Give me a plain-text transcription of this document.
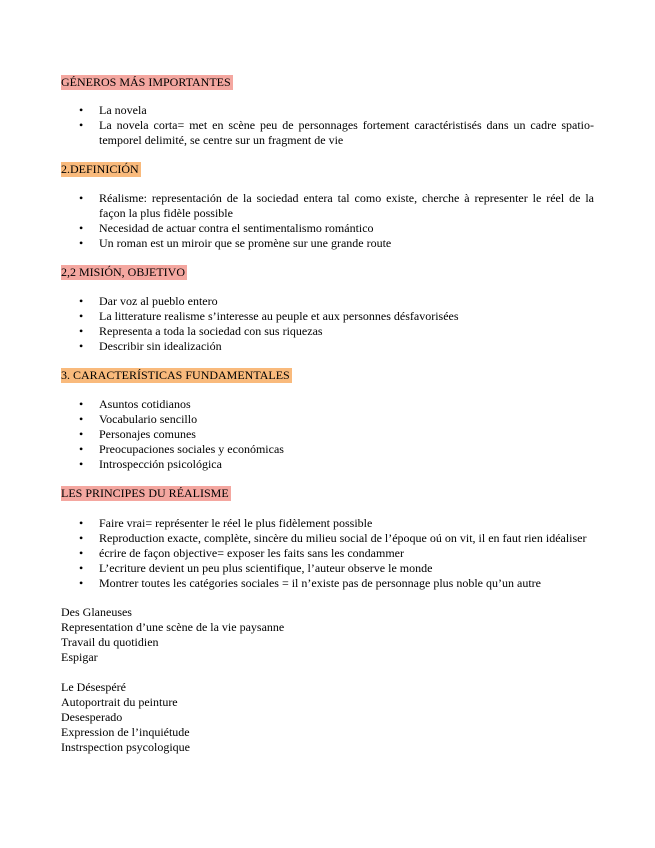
GÉNEROS MÁS IMPORTANTES
• La novela
• La novela corta= met en scène peu de personnages fortement caractéristisés dans un cadre spatio-temporel delimité, se centre sur un fragment de vie
2.DEFINICIÓN
• Réalisme: representación de la sociedad entera tal como existe, cherche à representer le réel de la façon la plus fidèle possible
• Necesidad de actuar contra el sentimentalismo romántico
• Un roman est un miroir que se promène sur une grande route
2,2 MISIÓN, OBJETIVO
• Dar voz al pueblo entero
• La litterature realisme s’interesse au peuple et aux personnes désfavorisées
• Representa a toda la sociedad con sus riquezas
• Describir sin idealización
3. CARACTERÍSTICAS FUNDAMENTALES
• Asuntos cotidianos
• Vocabulario sencillo
• Personajes comunes
• Preocupaciones sociales y económicas
• Introspección psicológica
LES PRINCIPES DU RÉALISME
• Faire vrai= représenter le réel le plus fidèlement possible
• Reproduction exacte, complète, sincère du milieu social de l’époque oú on vit, il en faut rien idéaliser
• écrire de façon objective= exposer les faits sans les condammer
• L’ecriture devient un peu plus scientifique, l’auteur observe le monde
• Montrer toutes les catégories sociales = il n’existe pas de personnage plus noble qu’un autre
Des Glaneuses
Representation d’une scène de la vie paysanne
Travail du quotidien
Espigar
Le Désespéré
Autoportrait du peinture
Desesperado
Expression de l’inquiétude
Instrspection psycologique
